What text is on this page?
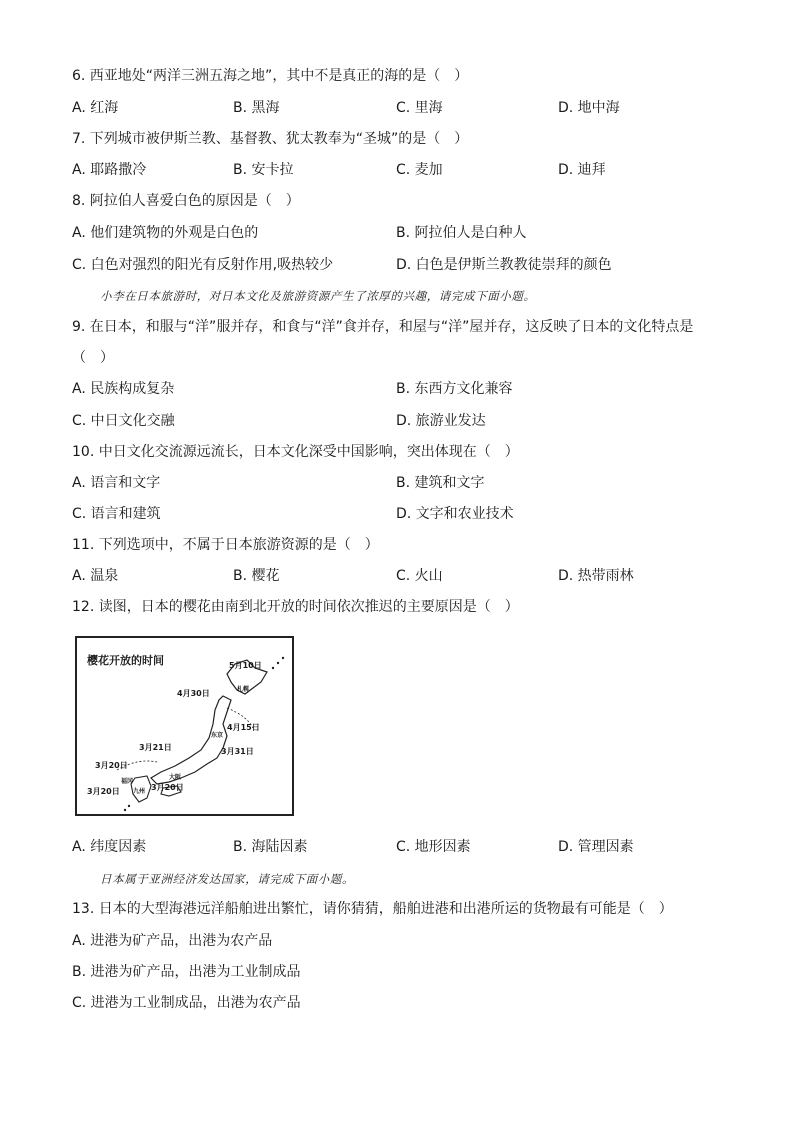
6. 西亚地处“两洋三洲五海之地”，其中不是真正的海的是（　）
A. 红海	B. 黑海	C. 里海	D. 地中海
7. 下列城市被伊斯兰教、基督教、犹太教奉为“圣城”的是（　）
A. 耶路撒冷	B. 安卡拉	C. 麦加	D. 迪拜
8. 阿拉伯人喜爱白色的原因是（　）
A. 他们建筑物的外观是白色的	B. 阿拉伯人是白种人
C. 白色对强烈的阳光有反射作用,吸热较少	D. 白色是伊斯兰教教徒崇拜的颜色
小李在日本旅游时，对日本文化及旅游资源产生了浓厚的兴趣，请完成下面小题。
9. 在日本，和服与“洋”服并存，和食与“洋”食并存，和屋与“洋”屋并存，这反映了日本的文化特点是
（　）
A. 民族构成复杂	B. 东西方文化兼容
C. 中日文化交融	D. 旅游业发达
10. 中日文化交流源远流长，日本文化深受中国影响，突出体现在（　）
A. 语言和文字	B. 建筑和文字
C. 语言和建筑	D. 文字和农业技术
11. 下列选项中，不属于日本旅游资源的是（　）
A. 温泉	B. 樱花	C. 火山	D. 热带雨林
12. 读图，日本的樱花由南到北开放的时间依次推迟的主要原因是（　）
樱花开放的时间	5月10日
4月30日
4月15日
3月31日
3月21日
3月20日
3月20日	3月20日
札幌
东京
九州
大阪
福冈
A. 纬度因素	B. 海陆因素	C. 地形因素	D. 管理因素
日本属于亚洲经济发达国家，请完成下面小题。
13. 日本的大型海港远洋船舶进出繁忙，请你猜猜，船舶进港和出港所运的货物最有可能是（　）
A. 进港为矿产品，出港为农产品
B. 进港为矿产品，出港为工业制成品
C. 进港为工业制成品，出港为农产品
